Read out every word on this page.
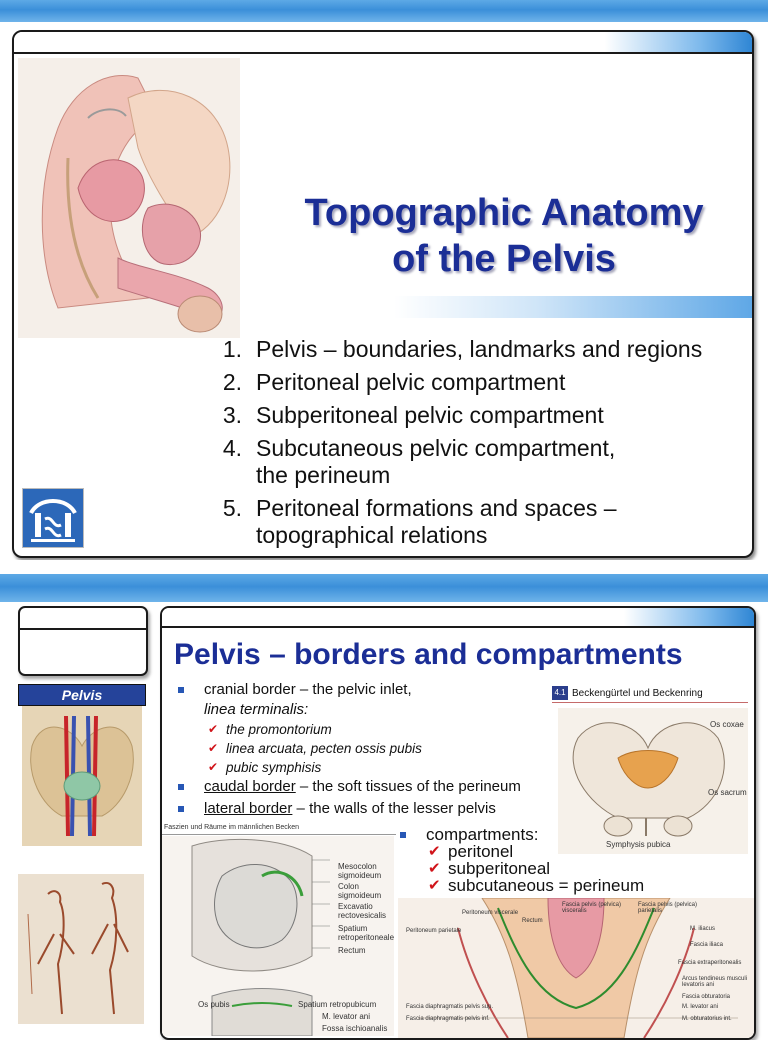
Topographic Anatomy
of the Pelvis
1. Pelvis – boundaries, landmarks and regions
2. Peritoneal pelvic compartment
3. Subperitoneal pelvic compartment
4. Subcutaneous pelvic compartment,
the perineum
5. Peritoneal formations and spaces –
topographical relations
Pelvis
Pelvis – borders and compartments
cranial border – the pelvic inlet,
linea terminalis:
✔ the promontorium
✔ linea arcuata, pecten ossis pubis
✔ pubic symphisis
caudal border – the soft tissues of the perineum
lateral border – the walls of the lesser pelvis
4.1 Beckengürtel und Beckenring
Os coxae
Os sacrum
Symphysis pubica
Faszien und Räume im männlichen Becken
Mesocolon sigmoideum
Colon sigmoideum
Excavatio rectovesicalis
Spatium retroperitoneale
Rectum
Os pubis	Spatium retropubicum
M. levator ani
Fossa ischioanalis
Peritoneum viscerale
Rectum
Fascia pelvis (pelvica) visceralis
Fascia pelvis (pelvica) parietalis
Peritoneum parietale	M. iliacus
Fascia iliaca
Fascia extraperitonealis
Arcus tendineus musculi levatoris ani
Fascia obturatoria
M. levator ani
M. obturatorius int.
Fascia diaphragmatis pelvis sup.
Fascia diaphragmatis pelvis inf.
compartments:
✔ peritonel
✔ subperitoneal
✔ subcutaneous = perineum
